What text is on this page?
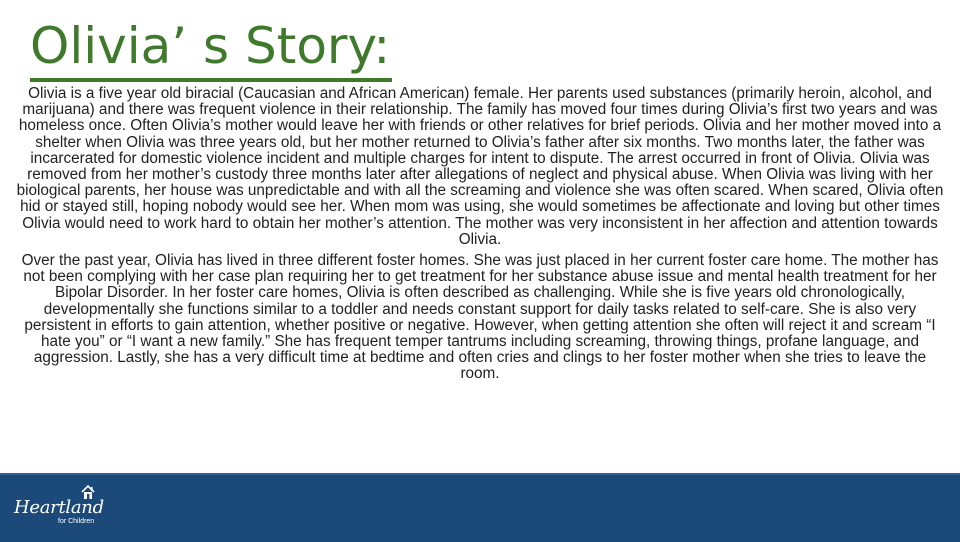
Olivia’ s Story:

Olivia is a five year old biracial (Caucasian and African American) female. Her parents used substances (primarily heroin, alcohol, and marijuana) and there was frequent violence in their relationship. The family has moved four times during Olivia’s first two years and was homeless once. Often Olivia’s mother would leave her with friends or other relatives for brief periods. Olivia and her mother moved into a shelter when Olivia was three years old, but her mother returned to Olivia’s father after six months. Two months later, the father was incarcerated for domestic violence incident and multiple charges for intent to dispute. The arrest occurred in front of Olivia. Olivia was removed from her mother’s custody three months later after allegations of neglect and physical abuse. When Olivia was living with her biological parents, her house was unpredictable and with all the screaming and violence she was often scared. When scared, Olivia often hid or stayed still, hoping nobody would see her. When mom was using, she would sometimes be affectionate and loving but other times Olivia would need to work hard to obtain her mother’s attention. The mother was very inconsistent in her affection and attention towards Olivia.

Over the past year, Olivia has lived in three different foster homes. She was just placed in her current foster care home. The mother has not been complying with her case plan requiring her to get treatment for her substance abuse issue and mental health treatment for her Bipolar Disorder. In her foster care homes, Olivia is often described as challenging. While she is five years old chronologically, developmentally she functions similar to a toddler and needs constant support for daily tasks related to self-care. She is also very persistent in efforts to gain attention, whether positive or negative. However, when getting attention she often will reject it and scream “I hate you” or “I want a new family.” She has frequent temper tantrums including screaming, throwing things, profane language, and aggression. Lastly, she has a very difficult time at bedtime and often cries and clings to her foster mother when she tries to leave the room.

Heartland
for Children
